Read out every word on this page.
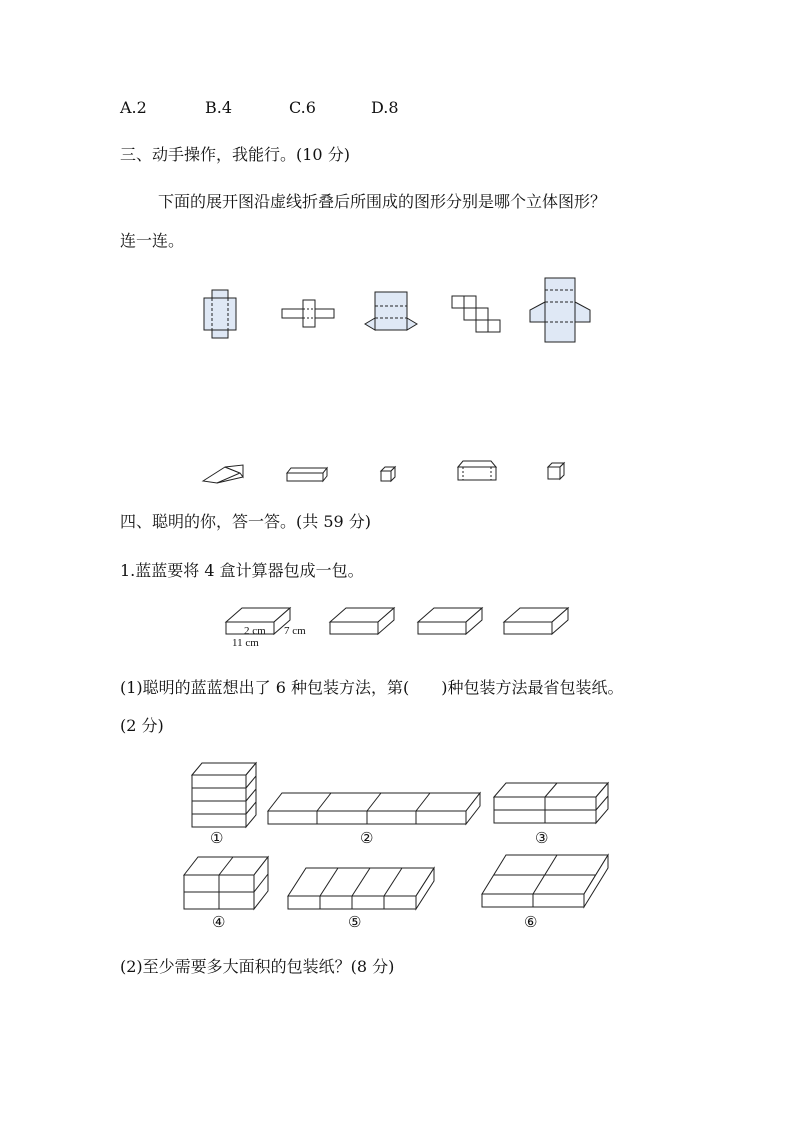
A.2	B.4	C.6	D.8
三、动手操作，我能行。(10 分)
下面的展开图沿虚线折叠后所围成的图形分别是哪个立体图形？
连一连。
四、聪明的你，答一答。(共 59 分)
1.蓝蓝要将 4 盒计算器包成一包。
2 cm 7 cm
11 cm
(1)聪明的蓝蓝想出了 6 种包装方法，第(　　)种包装方法最省包装纸。
(2 分)
①	②	③
④	⑤	⑥
(2)至少需要多大面积的包装纸？(8 分)
